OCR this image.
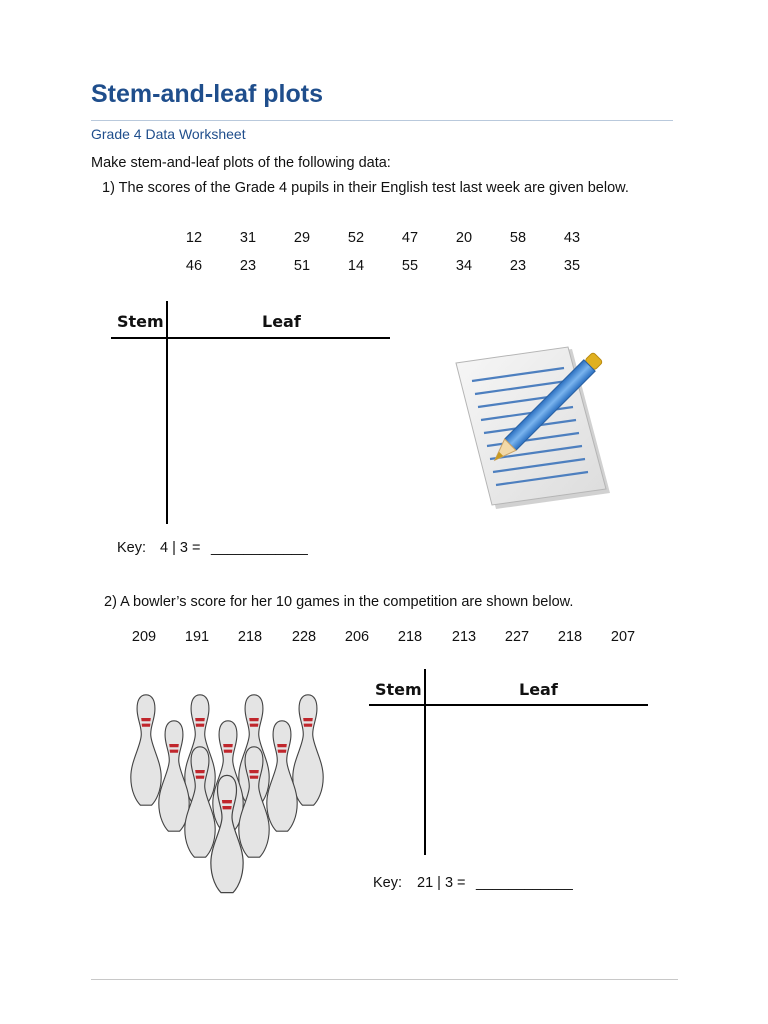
Stem-and-leaf plots
Grade 4 Data Worksheet
Make stem-and-leaf plots of the following data:
1) The scores of the Grade 4 pupils in their English test last week are given below.
12	31	29	52	47	20	58	43
46	23	51	14	55	34	23	35
Stem	Leaf
Key: 4 | 3 = ____________
2) A bowler’s score for her 10 games in the competition are shown below.
209	191	218	228	206	218	213	227	218	207
Stem	Leaf
Key: 21 | 3 = ____________
